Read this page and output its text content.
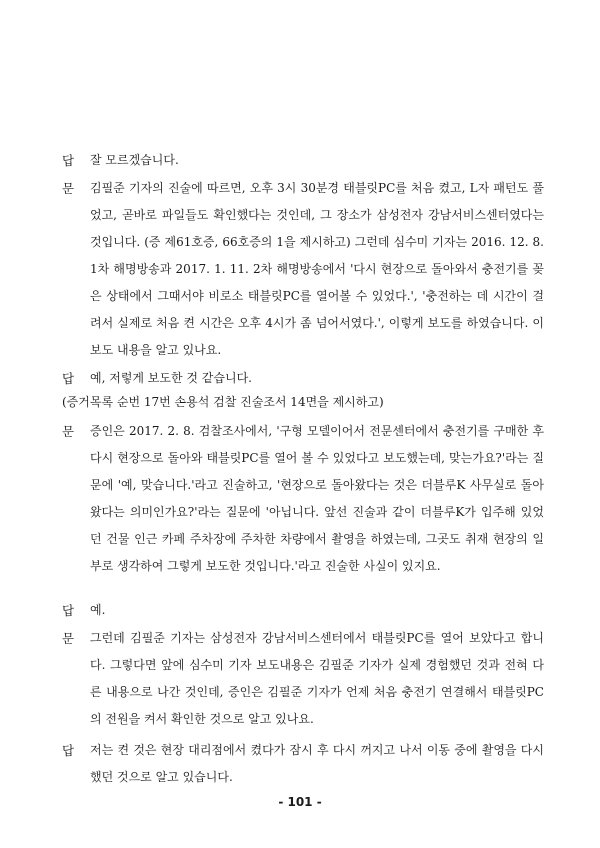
답 잘 모르겠습니다.

문 김필준 기자의 진술에 따르면, 오후 3시 30분경 태블릿PC를 처음 켰고, L자 패턴도 풀었고, 곧바로 파일들도 확인했다는 것인데, 그 장소가 삼성전자 강남서비스센터였다는 것입니다. (증 제61호증, 66호증의 1을 제시하고) 그런데 심수미 기자는 2016. 12. 8. 1차 해명방송과 2017. 1. 11. 2차 해명방송에서 '다시 현장으로 돌아와서 충전기를 꽂은 상태에서 그때서야 비로소 태블릿PC를 열어볼 수 있었다.', '충전하는 데 시간이 걸려서 실제로 처음 켠 시간은 오후 4시가 좀 넘어서였다.', 이렇게 보도를 하였습니다. 이 보도 내용을 알고 있나요.

답 예, 저렇게 보도한 것 같습니다.

(증거목록 순번 17번 손용석 검찰 진술조서 14면을 제시하고)

문 증인은 2017. 2. 8. 검찰조사에서, '구형 모델이어서 전문센터에서 충전기를 구매한 후 다시 현장으로 돌아와 태블릿PC를 열어 볼 수 있었다고 보도했는데, 맞는가요?'라는 질문에 '예, 맞습니다.'라고 진술하고, '현장으로 돌아왔다는 것은 더블루K 사무실로 돌아왔다는 의미인가요?'라는 질문에 '아닙니다. 앞선 진술과 같이 더블루K가 입주해 있었던 건물 인근 카페 주차장에 주차한 차량에서 촬영을 하였는데, 그곳도 취재 현장의 일부로 생각하여 그렇게 보도한 것입니다.'라고 진술한 사실이 있지요.

답 예.

문 그런데 김필준 기자는 삼성전자 강남서비스센터에서 태블릿PC를 열어 보았다고 합니다. 그렇다면 앞에 심수미 기자 보도내용은 김필준 기자가 실제 경험했던 것과 전혀 다른 내용으로 나간 것인데, 증인은 김필준 기자가 언제 처음 충전기 연결해서 태블릿PC의 전원을 켜서 확인한 것으로 알고 있나요.

답 저는 켠 것은 현장 대리점에서 켰다가 잠시 후 다시 꺼지고 나서 이동 중에 촬영을 다시 했던 것으로 알고 있습니다.

- 101 -
